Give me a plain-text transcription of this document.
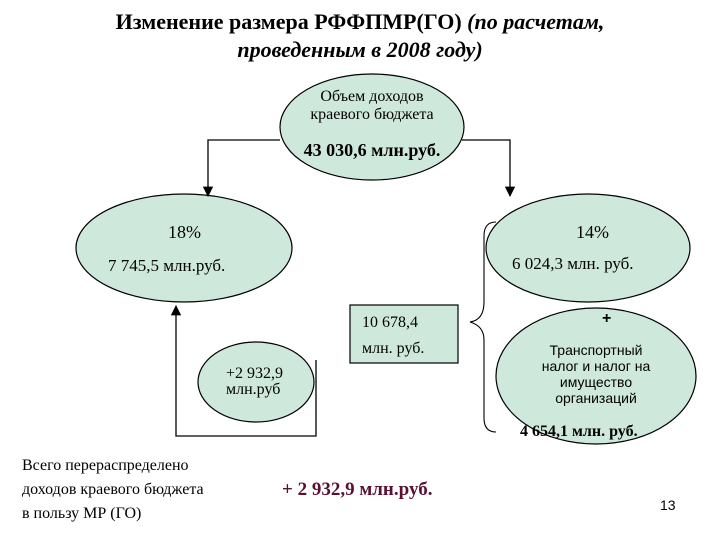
Изменение размера РФФПМР(ГО) (по расчетам,
проведенным в 2008 году)
Объем доходов
краевого бюджета
43 030,6 млн.руб.
18%
7 745,5 млн.руб.
14%
6 024,3 млн. руб.
10 678,4
млн. руб.
+2 932,9
млн.руб
+
Транспортный
налог и налог на
имущество
организаций
4 654,1 млн. руб.
Всего перераспределено
доходов краевого бюджета
в пользу МР (ГО)
+ 2 932,9 млн.руб.
13
